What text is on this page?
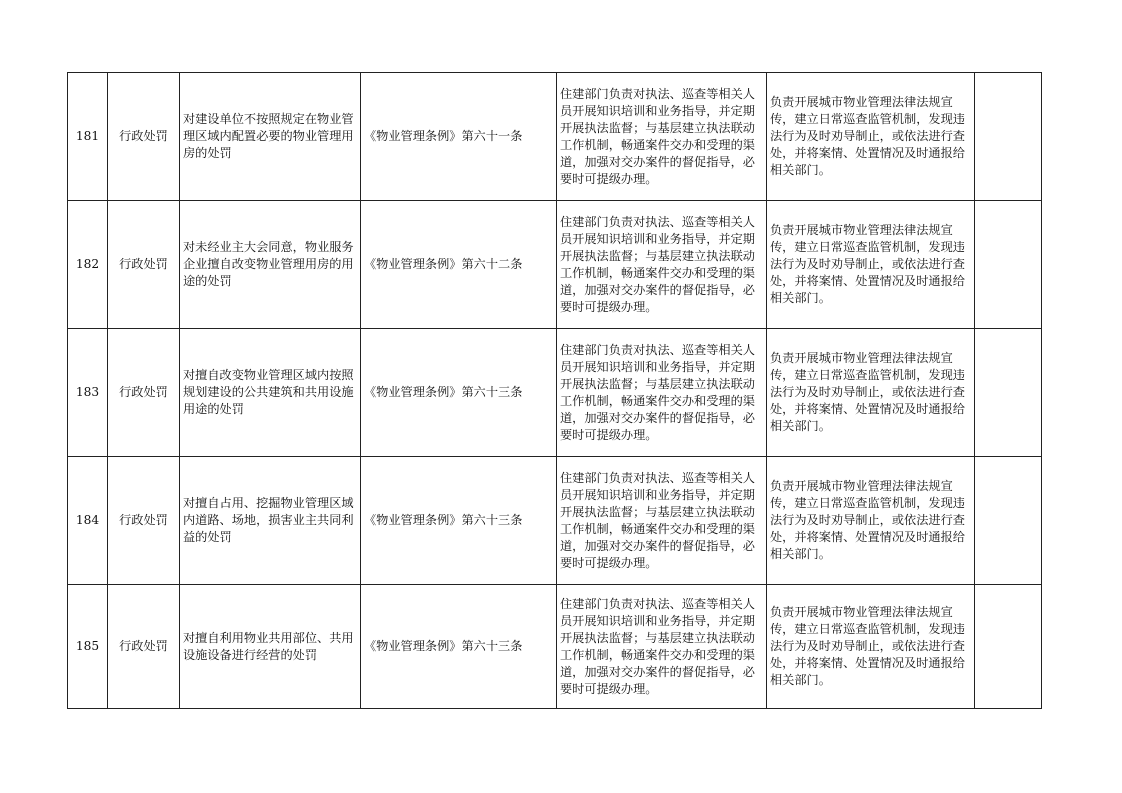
181	行政处罚	对建设单位不按照规定在物业管理区域内配置必要的物业管理用房的处罚	《物业管理条例》第六十一条	住建部门负责对执法、巡查等相关人员开展知识培训和业务指导，并定期开展执法监督；与基层建立执法联动工作机制，畅通案件交办和受理的渠道，加强对交办案件的督促指导，必要时可提级办理。	负责开展城市物业管理法律法规宣传，建立日常巡查监管机制，发现违法行为及时劝导制止，或依法进行查处，并将案情、处置情况及时通报给相关部门。	
182	行政处罚	对未经业主大会同意，物业服务企业擅自改变物业管理用房的用途的处罚	《物业管理条例》第六十二条	住建部门负责对执法、巡查等相关人员开展知识培训和业务指导，并定期开展执法监督；与基层建立执法联动工作机制，畅通案件交办和受理的渠道，加强对交办案件的督促指导，必要时可提级办理。	负责开展城市物业管理法律法规宣传，建立日常巡查监管机制，发现违法行为及时劝导制止，或依法进行查处，并将案情、处置情况及时通报给相关部门。	
183	行政处罚	对擅自改变物业管理区域内按照规划建设的公共建筑和共用设施用途的处罚	《物业管理条例》第六十三条	住建部门负责对执法、巡查等相关人员开展知识培训和业务指导，并定期开展执法监督；与基层建立执法联动工作机制，畅通案件交办和受理的渠道，加强对交办案件的督促指导，必要时可提级办理。	负责开展城市物业管理法律法规宣传，建立日常巡查监管机制，发现违法行为及时劝导制止，或依法进行查处，并将案情、处置情况及时通报给相关部门。	
184	行政处罚	对擅自占用、挖掘物业管理区域内道路、场地，损害业主共同利益的处罚	《物业管理条例》第六十三条	住建部门负责对执法、巡查等相关人员开展知识培训和业务指导，并定期开展执法监督；与基层建立执法联动工作机制，畅通案件交办和受理的渠道，加强对交办案件的督促指导，必要时可提级办理。	负责开展城市物业管理法律法规宣传，建立日常巡查监管机制，发现违法行为及时劝导制止，或依法进行查处，并将案情、处置情况及时通报给相关部门。	
185	行政处罚	对擅自利用物业共用部位、共用设施设备进行经营的处罚	《物业管理条例》第六十三条	住建部门负责对执法、巡查等相关人员开展知识培训和业务指导，并定期开展执法监督；与基层建立执法联动工作机制，畅通案件交办和受理的渠道，加强对交办案件的督促指导，必要时可提级办理。	负责开展城市物业管理法律法规宣传，建立日常巡查监管机制，发现违法行为及时劝导制止，或依法进行查处，并将案情、处置情况及时通报给相关部门。	
